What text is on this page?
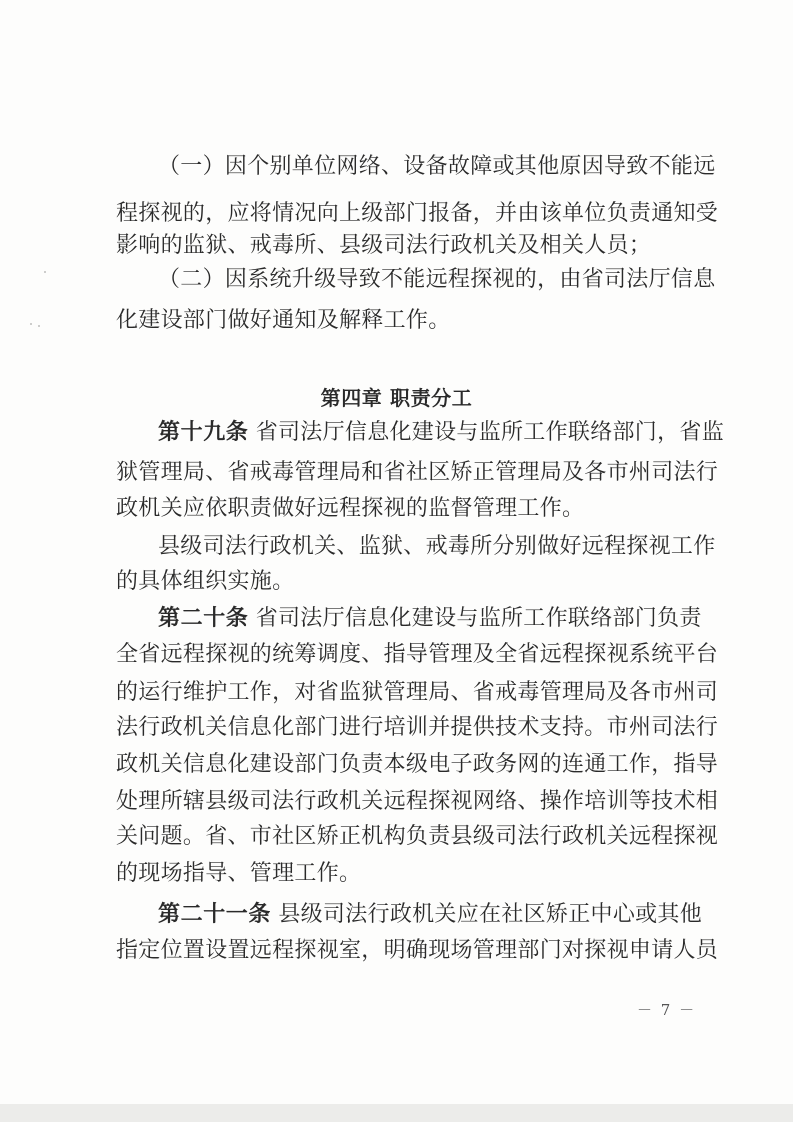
（一）因个别单位网络、设备故障或其他原因导致不能远
程探视的，应将情况向上级部门报备，并由该单位负责通知受
影响的监狱、戒毒所、县级司法行政机关及相关人员；
（二）因系统升级导致不能远程探视的，由省司法厅信息
化建设部门做好通知及解释工作。
第四章 职责分工
第十九条 省司法厅信息化建设与监所工作联络部门，省监
狱管理局、省戒毒管理局和省社区矫正管理局及各市州司法行
政机关应依职责做好远程探视的监督管理工作。
县级司法行政机关、监狱、戒毒所分别做好远程探视工作
的具体组织实施。
第二十条 省司法厅信息化建设与监所工作联络部门负责
全省远程探视的统筹调度、指导管理及全省远程探视系统平台
的运行维护工作，对省监狱管理局、省戒毒管理局及各市州司
法行政机关信息化部门进行培训并提供技术支持。市州司法行
政机关信息化建设部门负责本级电子政务网的连通工作，指导
处理所辖县级司法行政机关远程探视网络、操作培训等技术相
关问题。省、市社区矫正机构负责县级司法行政机关远程探视
的现场指导、管理工作。
第二十一条 县级司法行政机关应在社区矫正中心或其他
指定位置设置远程探视室，明确现场管理部门对探视申请人员
－ 7 －
